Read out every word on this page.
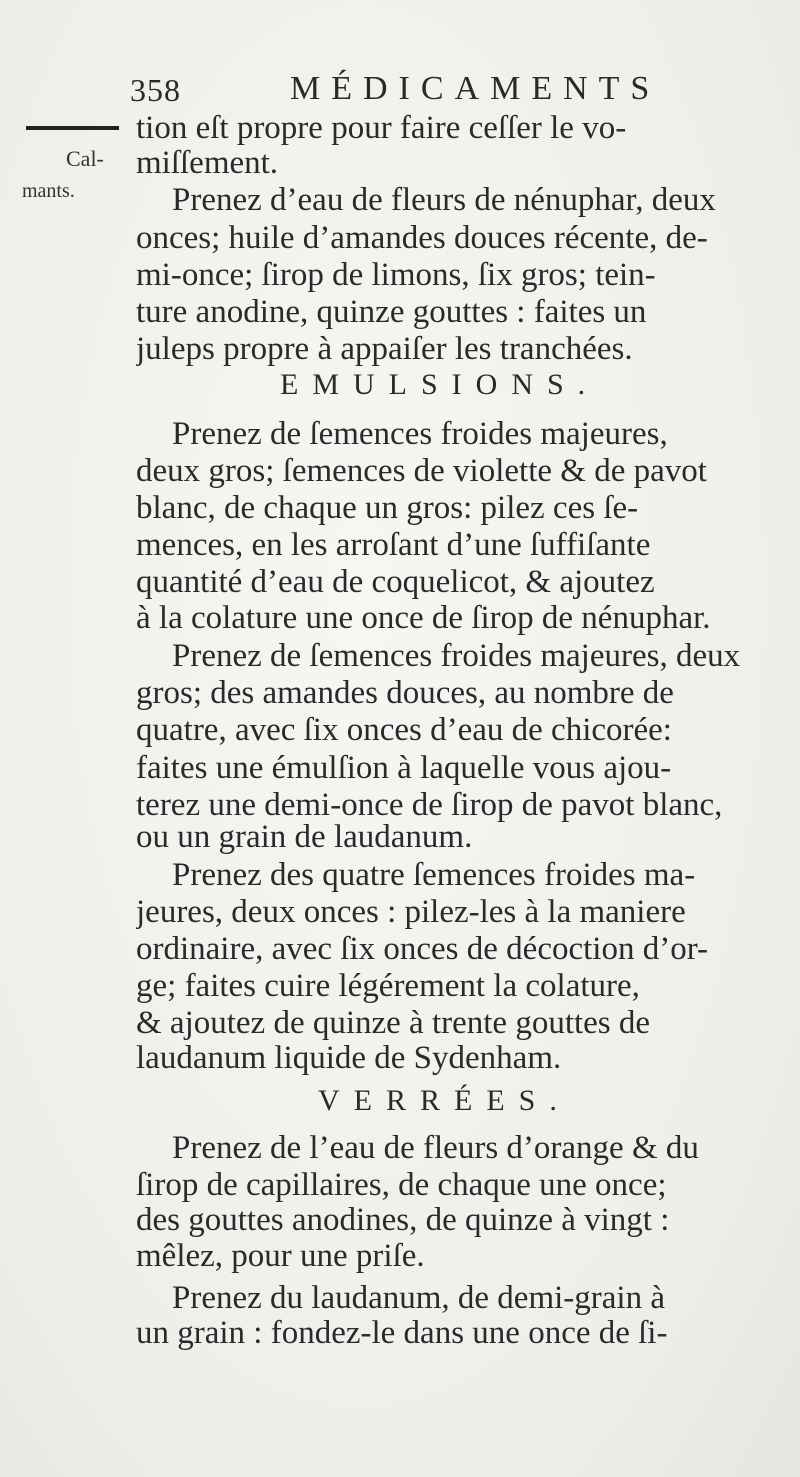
358	MÉDICAMENTS
Cal-
mants.
tion eſt propre pour faire ceſſer le vo-
miſſement.
Prenez d’eau de fleurs de nénuphar, deux
onces; huile d’amandes douces récente, de-
mi-once; ſirop de limons, ſix gros; tein-
ture anodine, quinze gouttes : faites un
juleps propre à appaiſer les tranchées.
EMULSIONS.
Prenez de ſemences froides majeures,
deux gros; ſemences de violette & de pavot
blanc, de chaque un gros: pilez ces ſe-
mences, en les arroſant d’une ſuffiſante
quantité d’eau de coquelicot, & ajoutez
à la colature une once de ſirop de nénuphar.
Prenez de ſemences froides majeures, deux
gros; des amandes douces, au nombre de
quatre, avec ſix onces d’eau de chicorée:
faites une émulſion à laquelle vous ajou-
terez une demi-once de ſirop de pavot blanc,
ou un grain de laudanum.
Prenez des quatre ſemences froides ma-
jeures, deux onces : pilez-les à la maniere
ordinaire, avec ſix onces de décoction d’or-
ge; faites cuire légérement la colature,
& ajoutez de quinze à trente gouttes de
laudanum liquide de Sydenham.
VERRÉES.
Prenez de l’eau de fleurs d’orange & du
ſirop de capillaires, de chaque une once;
des gouttes anodines, de quinze à vingt :
mêlez, pour une priſe.
Prenez du laudanum, de demi-grain à
un grain : fondez-le dans une once de ſi-
